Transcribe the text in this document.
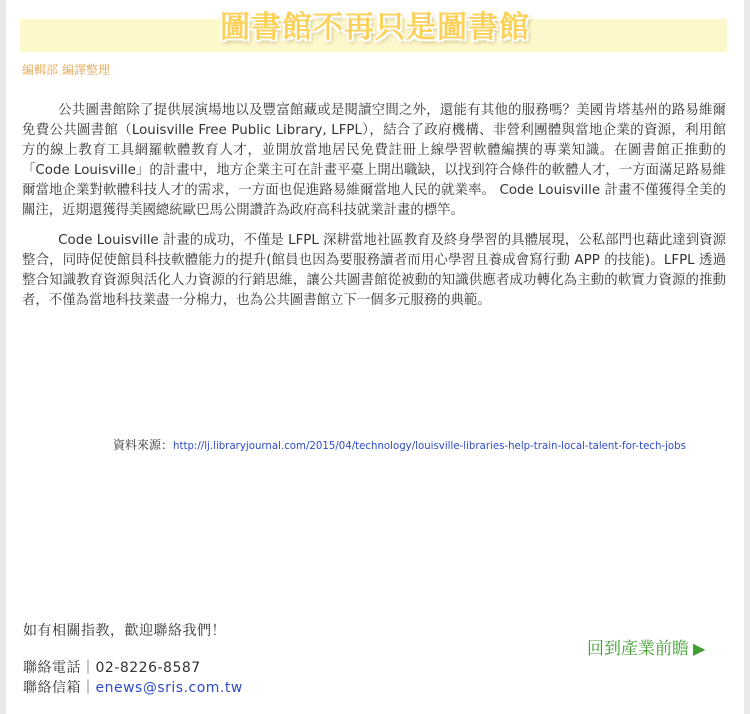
圖書館不再只是圖書館
編輯部 編譯整理

公共圖書館除了提供展演場地以及豐富館藏或是閱讀空間之外，還能有其他的服務嗎？美國肯塔基州的路易維爾免費公共圖書館（Louisville Free Public Library, LFPL），結合了政府機構、非營利團體與當地企業的資源，利用館方的線上教育工具網羅軟體教育人才，並開放當地居民免費註冊上線學習軟體編撰的專業知識。在圖書館正推動的「Code Louisville」的計畫中，地方企業主可在計畫平臺上開出職缺，以找到符合條件的軟體人才，一方面滿足路易維爾當地企業對軟體科技人才的需求，一方面也促進路易維爾當地人民的就業率。 Code Louisville 計畫不僅獲得全美的關注，近期還獲得美國總統歐巴馬公開讚許為政府高科技就業計畫的標竿。

Code Louisville 計畫的成功，不僅是 LFPL 深耕當地社區教育及終身學習的具體展現，公私部門也藉此達到資源整合，同時促使館員科技軟體能力的提升(館員也因為要服務讀者而用心學習且養成會寫行動 APP 的技能)。LFPL 透過整合知識教育資源與活化人力資源的行銷思維，讓公共圖書館從被動的知識供應者成功轉化為主動的軟實力資源的推動者，不僅為當地科技業盡一分棉力，也為公共圖書館立下一個多元服務的典範。

資料來源：http://lj.libraryjournal.com/2015/04/technology/louisville-libraries-help-train-local-talent-for-tech-jobs
如有相關指教，歡迎聯絡我們！
聯絡電話｜02-8226-8587
聯絡信箱｜enews@sris.com.tw
回到產業前瞻 ▶
